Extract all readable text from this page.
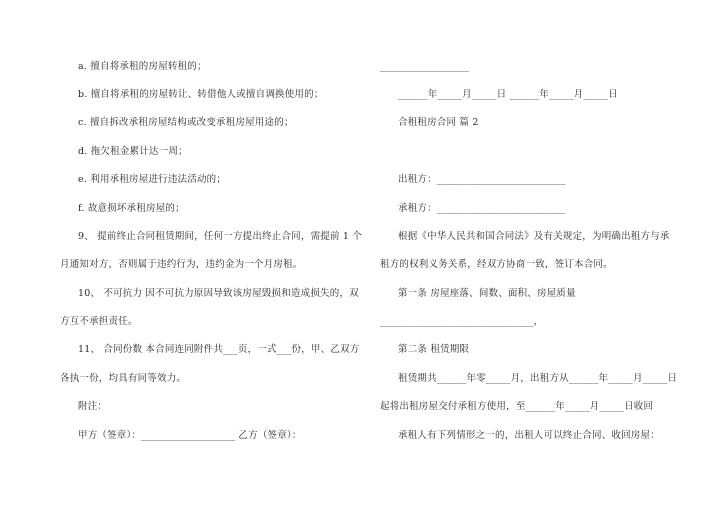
a. 擅自将承租的房屋转租的；
b. 擅自将承租的房屋转让、转借他人或擅自调换使用的；
c. 擅自拆改承租房屋结构或改变承租房屋用途的；
d. 拖欠租金累计达一周；
e. 利用承租房屋进行违法活动的；
f. 故意损坏承租房屋的；
9、 提前终止合同租赁期间，任何一方提出终止合同，需提前 1 个
月通知对方，否则属于违约行为，违约金为一个月房租。
10、 不可抗力 因不可抗力原因导致该房屋毁损和造成损失的，双
方互不承担责任。
11、 合同份数 本合同连同附件共___页，一式___份，甲、乙双方
各执一份，均具有同等效力。
附注：
甲方（签章）：___________________ 乙方（签章）：
__________________
______年_____月_____日 ______年_____月_____日
合租租房合同 篇 2
出租方：__________________________
承租方：__________________________
根据《中华人民共和国合同法》及有关规定，为明确出租方与承
租方的权利义务关系，经双方协商一致，签订本合同。
第一条 房屋座落、间数、面积、房屋质量
_______________________________，
第二条 租赁期限
租赁期共______年零_____月，出租方从______年_____月_____日
起将出租房屋交付承租方使用，至______年_____月_____日收回
承租人有下列情形之一的，出租人可以终止合同、收回房屋：
